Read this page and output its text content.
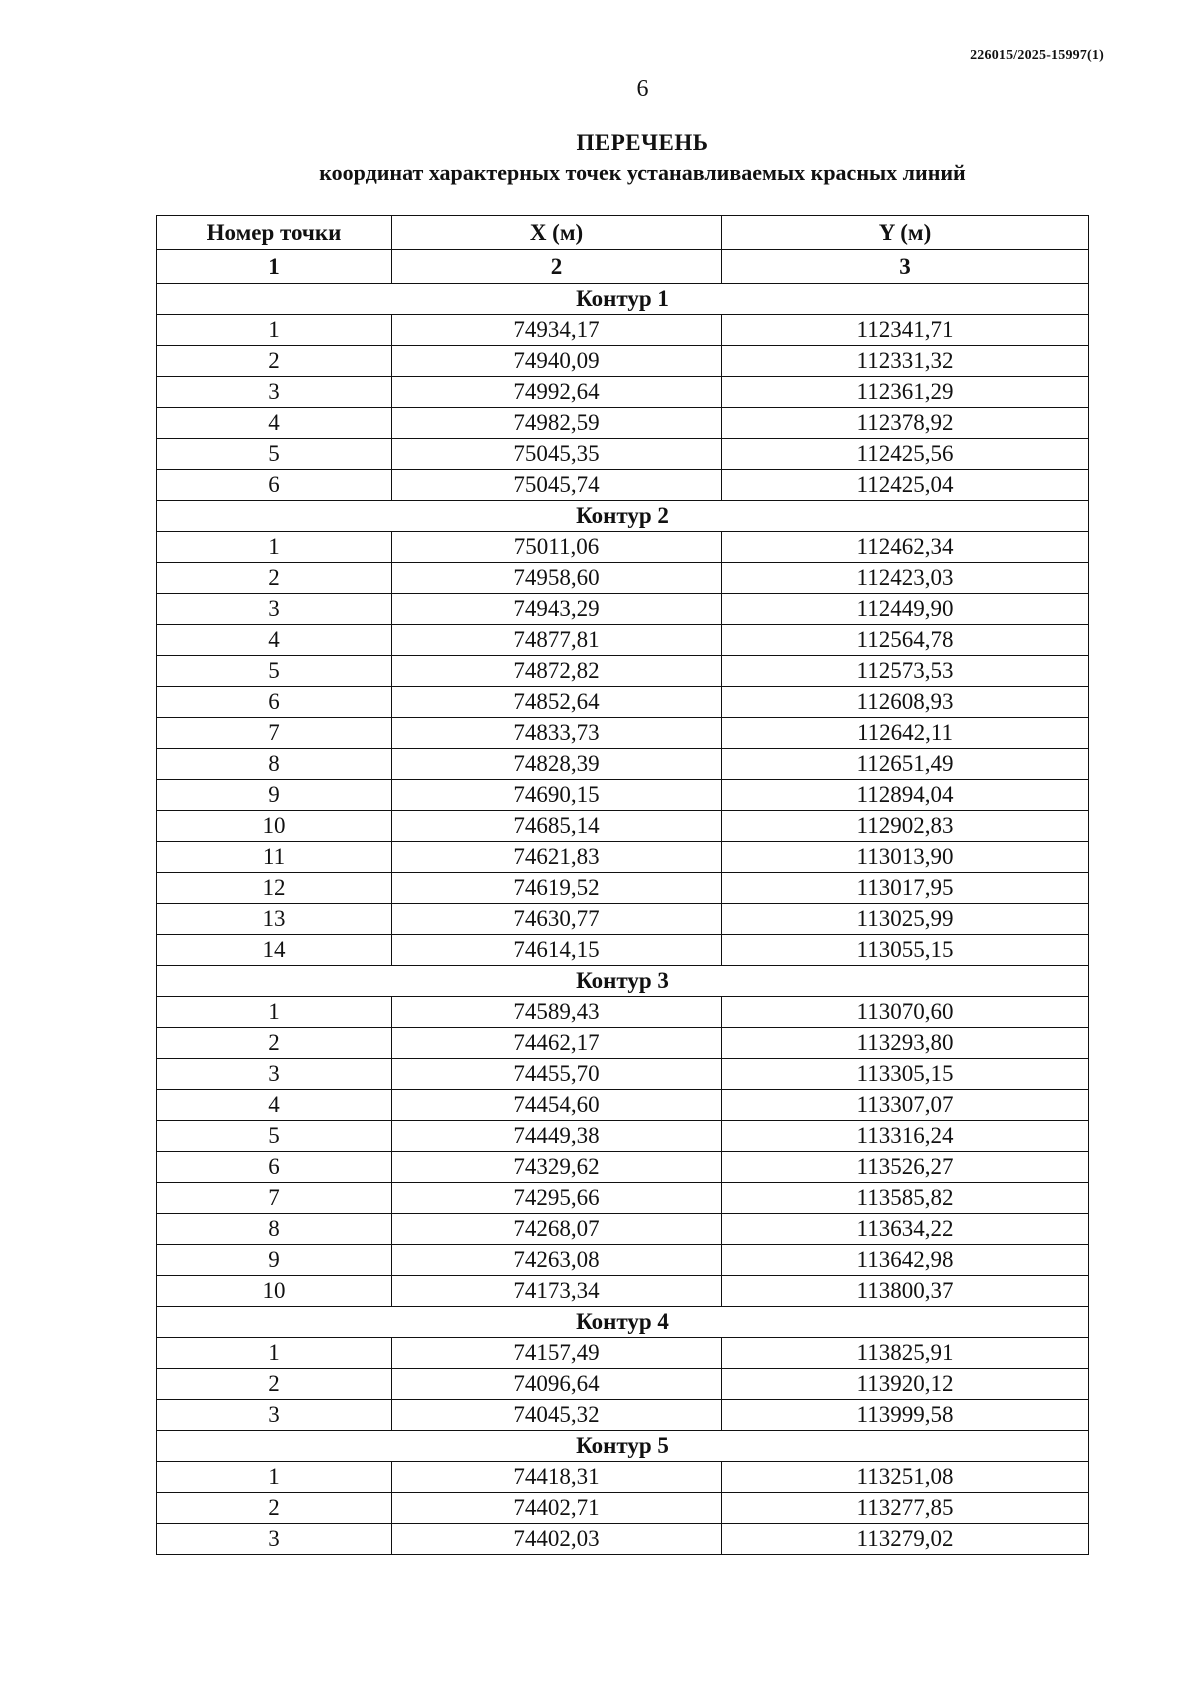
226015/2025-15997(1)
6
ПЕРЕЧЕНЬ
координат характерных точек устанавливаемых красных линий
Номер точки	X (м)	Y (м)
1	2	3
Контур 1		
1	74934,17	112341,71
2	74940,09	112331,32
3	74992,64	112361,29
4	74982,59	112378,92
5	75045,35	112425,56
6	75045,74	112425,04
Контур 2		
1	75011,06	112462,34
2	74958,60	112423,03
3	74943,29	112449,90
4	74877,81	112564,78
5	74872,82	112573,53
6	74852,64	112608,93
7	74833,73	112642,11
8	74828,39	112651,49
9	74690,15	112894,04
10	74685,14	112902,83
11	74621,83	113013,90
12	74619,52	113017,95
13	74630,77	113025,99
14	74614,15	113055,15
Контур 3		
1	74589,43	113070,60
2	74462,17	113293,80
3	74455,70	113305,15
4	74454,60	113307,07
5	74449,38	113316,24
6	74329,62	113526,27
7	74295,66	113585,82
8	74268,07	113634,22
9	74263,08	113642,98
10	74173,34	113800,37
Контур 4		
1	74157,49	113825,91
2	74096,64	113920,12
3	74045,32	113999,58
Контур 5		
1	74418,31	113251,08
2	74402,71	113277,85
3	74402,03	113279,02
